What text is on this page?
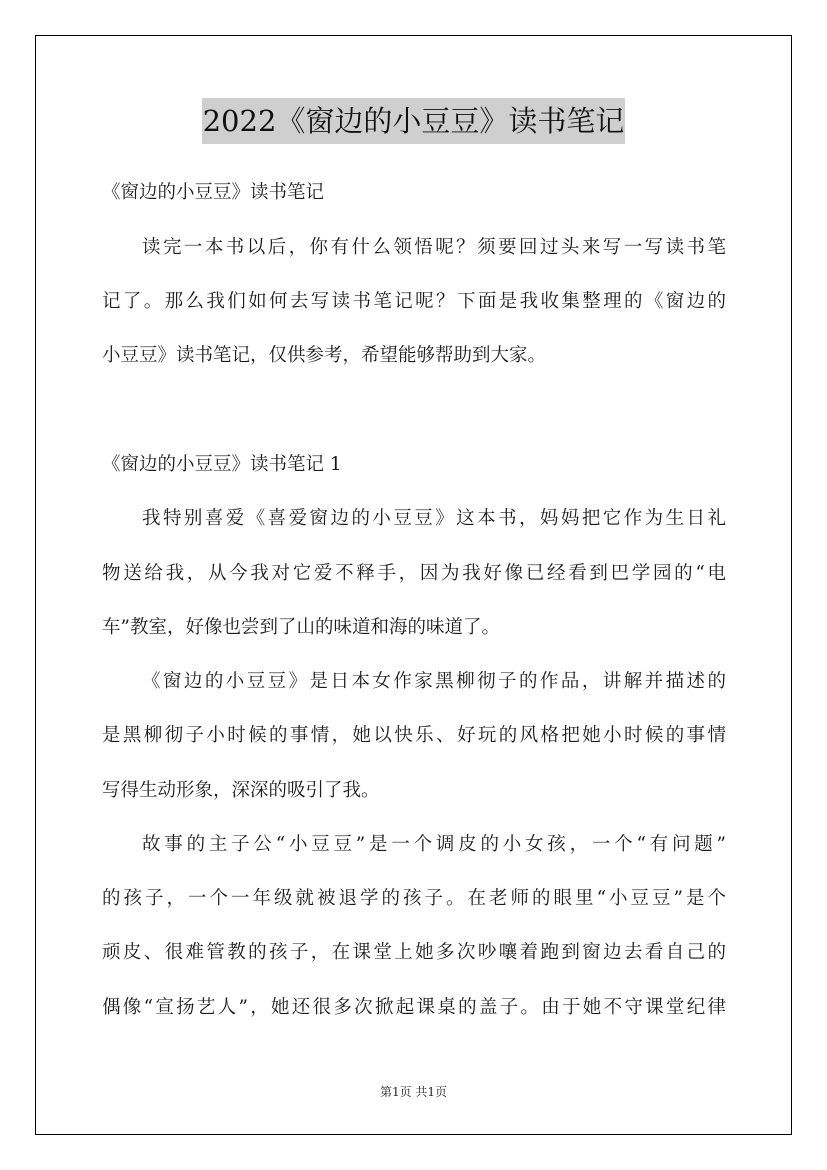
2022《窗边的小豆豆》读书笔记
《窗边的小豆豆》读书笔记
读完一本书以后，你有什么领悟呢？须要回过头来写一写读书笔
记了。那么我们如何去写读书笔记呢？下面是我收集整理的《窗边的
小豆豆》读书笔记，仅供参考，希望能够帮助到大家。
《窗边的小豆豆》读书笔记 1
我特别喜爱《喜爱窗边的小豆豆》这本书，妈妈把它作为生日礼
物送给我，从今我对它爱不释手，因为我好像已经看到巴学园的“电
车”教室，好像也尝到了山的味道和海的味道了。
《窗边的小豆豆》是日本女作家黑柳彻子的作品，讲解并描述的
是黑柳彻子小时候的事情，她以快乐、好玩的风格把她小时候的事情
写得生动形象，深深的吸引了我。
故事的主子公“小豆豆”是一个调皮的小女孩，一个“有问题”
的孩子，一个一年级就被退学的孩子。在老师的眼里“小豆豆”是个
顽皮、很难管教的孩子，在课堂上她多次吵嚷着跑到窗边去看自己的
偶像“宣扬艺人”，她还很多次掀起课桌的盖子。由于她不守课堂纪律
第1页 共1页
